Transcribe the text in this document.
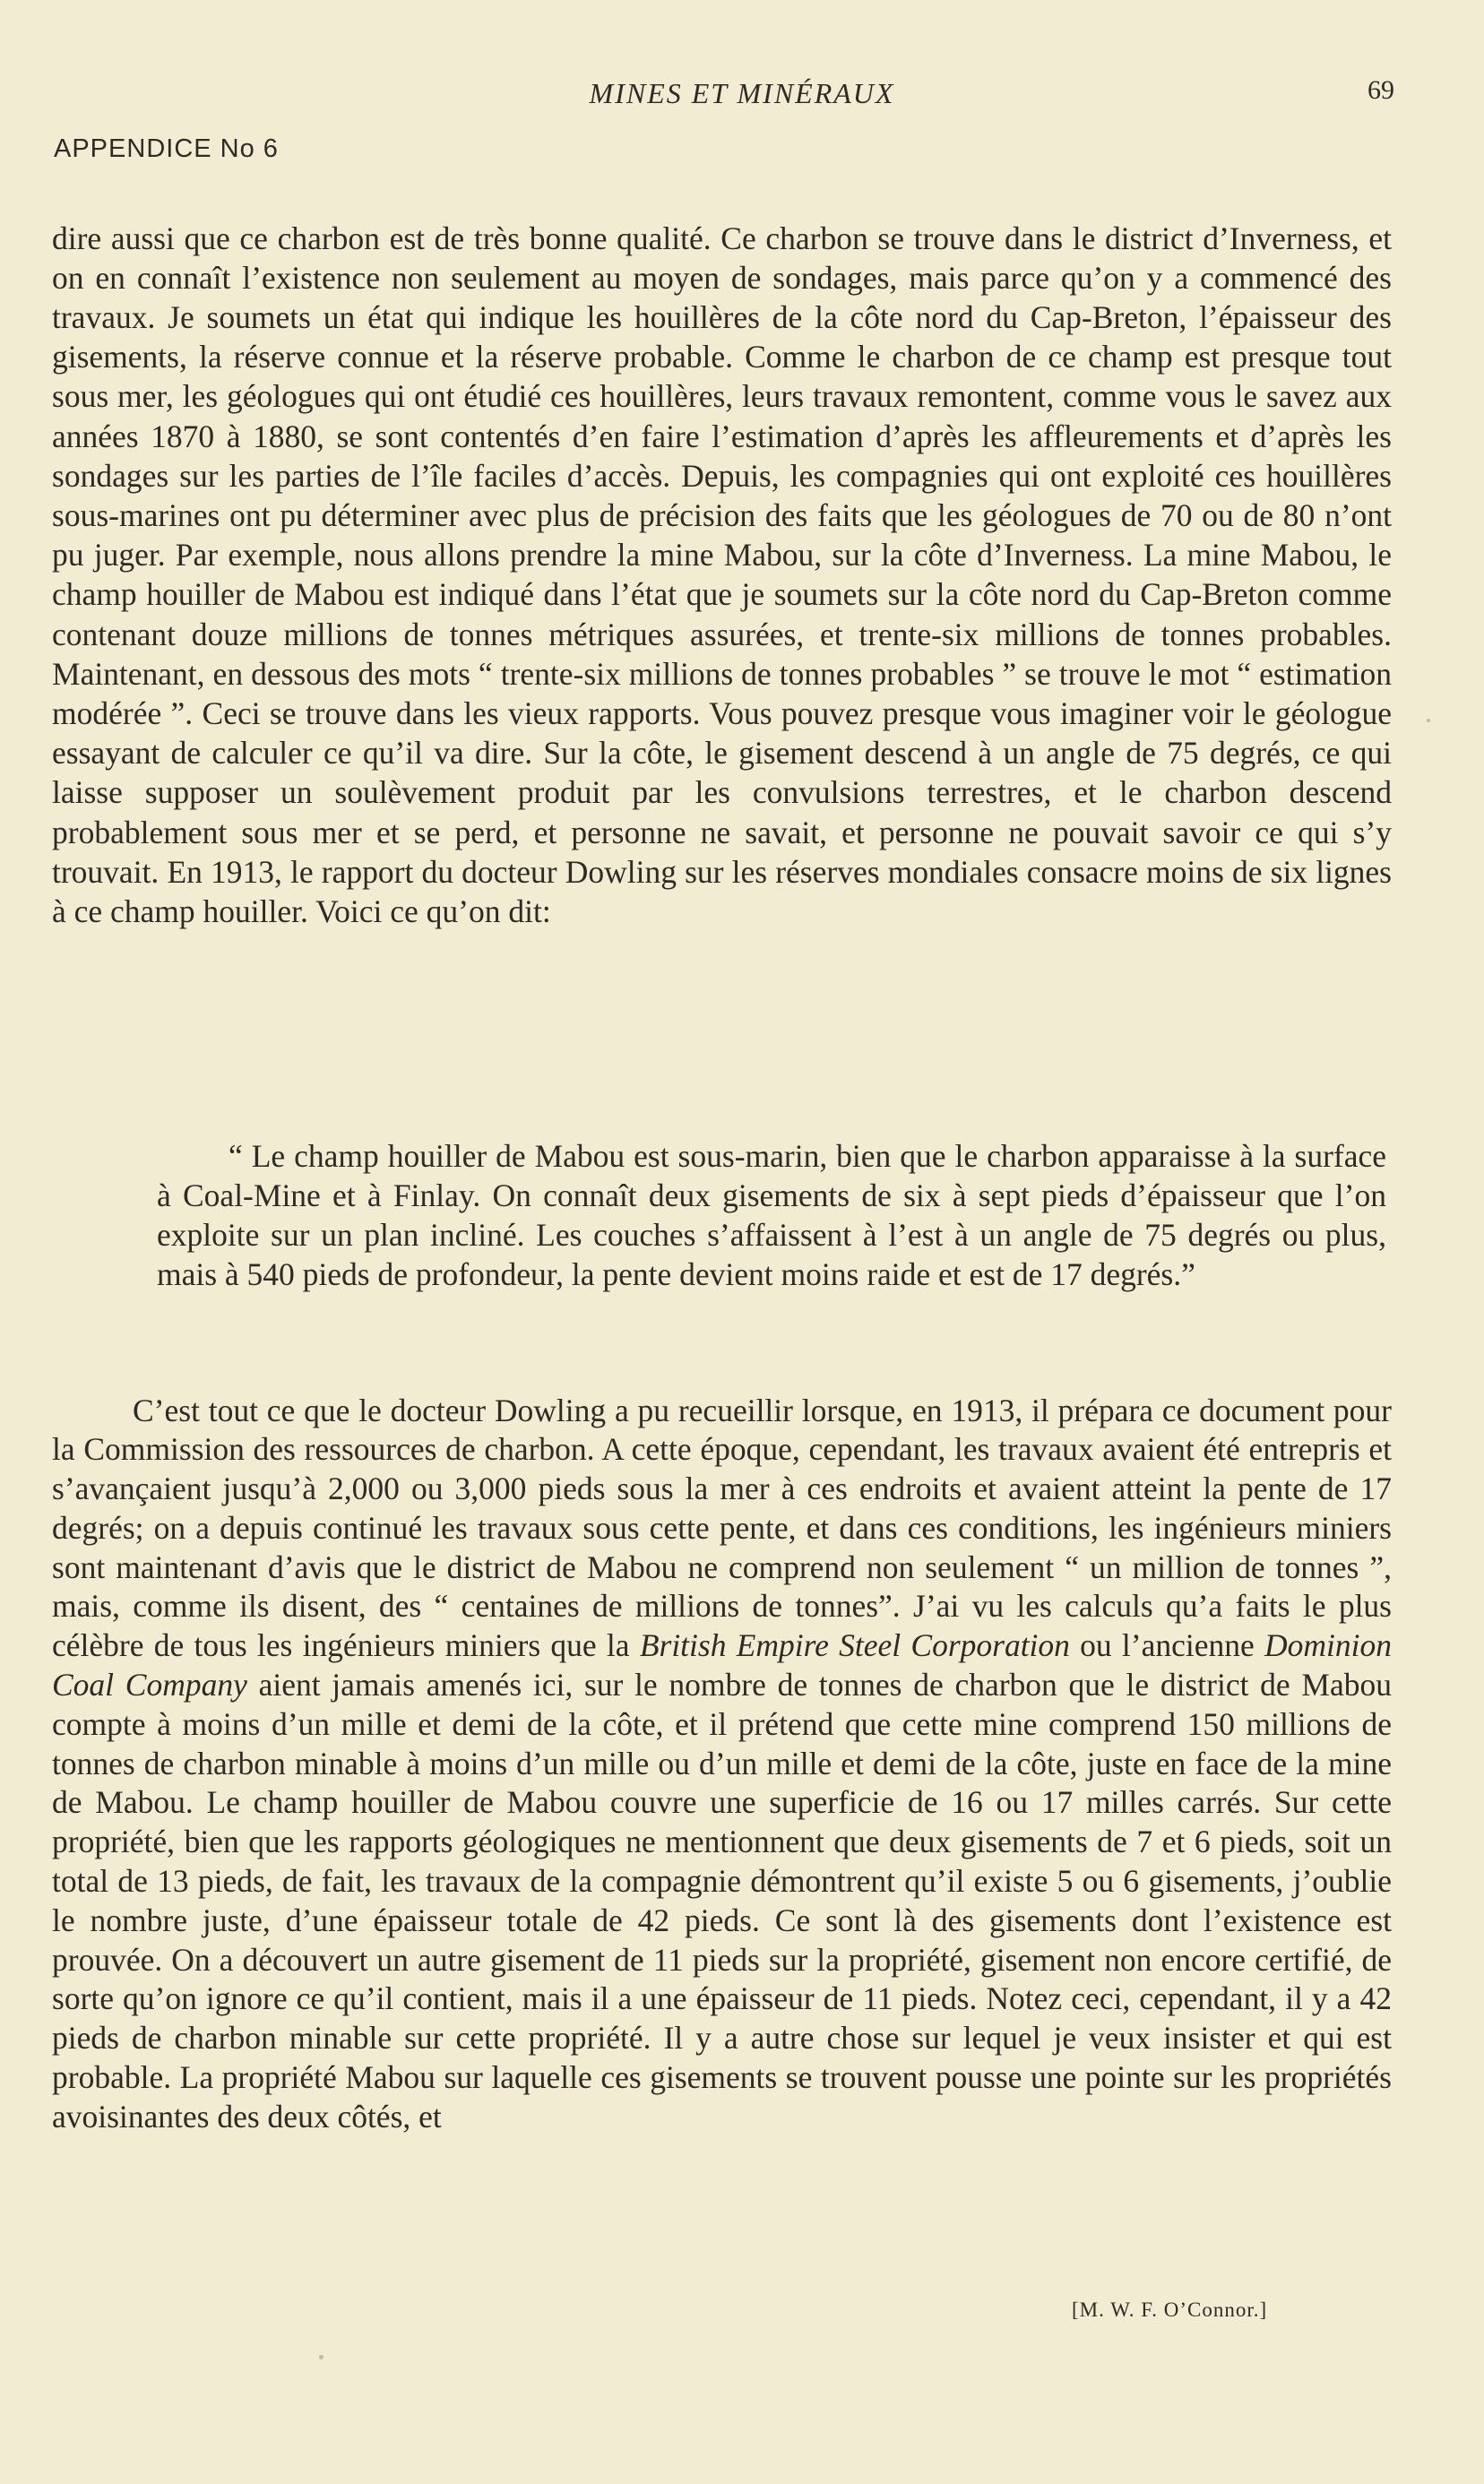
MINES ET MINÉRAUX	69
APPENDICE No 6

dire aussi que ce charbon est de très bonne qualité. Ce charbon se trouve dans le district d’Inverness, et on en connaît l’existence non seulement au moyen de sondages, mais parce qu’on y a commencé des travaux. Je soumets un état qui indique les houillères de la côte nord du Cap-Breton, l’épaisseur des gisements, la réserve connue et la réserve probable. Comme le charbon de ce champ est presque tout sous mer, les géologues qui ont étudié ces houillères, leurs travaux remontent, comme vous le savez aux années 1870 à 1880, se sont contentés d’en faire l’estimation d’après les affleurements et d’après les sondages sur les parties de l’île faciles d’accès. Depuis, les compagnies qui ont exploité ces houillères sous-marines ont pu déterminer avec plus de précision des faits que les géologues de 70 ou de 80 n’ont pu juger. Par exemple, nous allons prendre la mine Mabou, sur la côte d’Inverness. La mine Mabou, le champ houiller de Mabou est indiqué dans l’état que je soumets sur la côte nord du Cap-Breton comme contenant douze millions de tonnes métriques assurées, et trente-six millions de tonnes probables. Maintenant, en dessous des mots “ trente-six millions de tonnes probables ” se trouve le mot “ estimation modérée ”. Ceci se trouve dans les vieux rapports. Vous pouvez presque vous imaginer voir le géologue essayant de calculer ce qu’il va dire. Sur la côte, le gisement descend à un angle de 75 degrés, ce qui laisse supposer un soulèvement produit par les convulsions terrestres, et le charbon descend probablement sous mer et se perd, et personne ne savait, et personne ne pouvait savoir ce qui s’y trouvait. En 1913, le rapport du docteur Dowling sur les réserves mondiales consacre moins de six lignes à ce champ houiller. Voici ce qu’on dit:

“ Le champ houiller de Mabou est sous-marin, bien que le charbon apparaisse à la surface à Coal-Mine et à Finlay. On connaît deux gisements de six à sept pieds d’épaisseur que l’on exploite sur un plan incliné. Les couches s’affaissent à l’est à un angle de 75 degrés ou plus, mais à 540 pieds de profondeur, la pente devient moins raide et est de 17 degrés.”

C’est tout ce que le docteur Dowling a pu recueillir lorsque, en 1913, il prépara ce document pour la Commission des ressources de charbon. A cette époque, cependant, les travaux avaient été entrepris et s’avançaient jusqu’à 2,000 ou 3,000 pieds sous la mer à ces endroits et avaient atteint la pente de 17 degrés; on a depuis continué les travaux sous cette pente, et dans ces conditions, les ingénieurs miniers sont maintenant d’avis que le district de Mabou ne comprend non seulement “ un million de tonnes ”, mais, comme ils disent, des “ centaines de millions de tonnes”. J’ai vu les calculs qu’a faits le plus célèbre de tous les ingénieurs miniers que la British Empire Steel Corporation ou l’ancienne Dominion Coal Company aient jamais amenés ici, sur le nombre de tonnes de charbon que le district de Mabou compte à moins d’un mille et demi de la côte, et il prétend que cette mine comprend 150 millions de tonnes de charbon minable à moins d’un mille ou d’un mille et demi de la côte, juste en face de la mine de Mabou. Le champ houiller de Mabou couvre une superficie de 16 ou 17 milles carrés. Sur cette propriété, bien que les rapports géologiques ne mentionnent que deux gisements de 7 et 6 pieds, soit un total de 13 pieds, de fait, les travaux de la compagnie démontrent qu’il existe 5 ou 6 gisements, j’oublie le nombre juste, d’une épaisseur totale de 42 pieds. Ce sont là des gisements dont l’existence est prouvée. On a découvert un autre gisement de 11 pieds sur la propriété, gisement non encore certifié, de sorte qu’on ignore ce qu’il contient, mais il a une épaisseur de 11 pieds. Notez ceci, cependant, il y a 42 pieds de charbon minable sur cette propriété. Il y a autre chose sur lequel je veux insister et qui est probable. La propriété Mabou sur laquelle ces gisements se trouvent pousse une pointe sur les propriétés avoisinantes des deux côtés, et

[M. W. F. O’Connor.]
